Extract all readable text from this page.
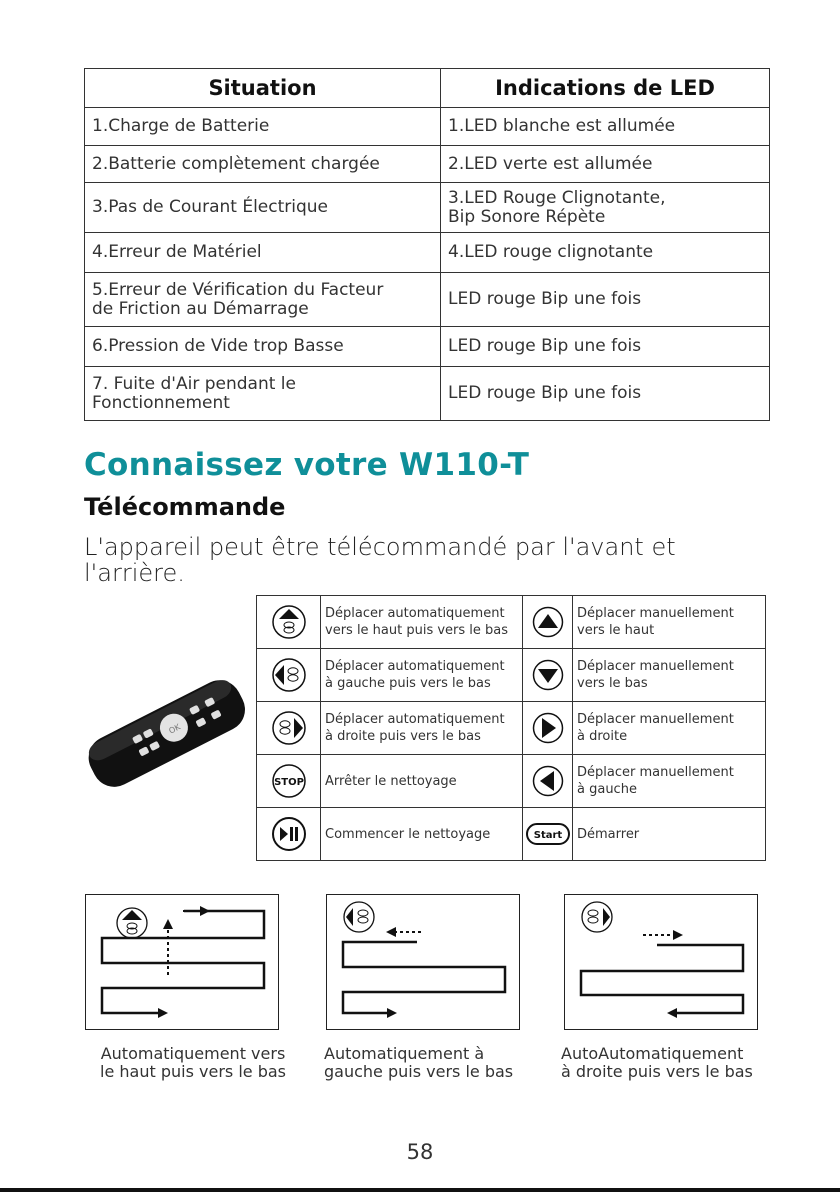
Situation	Indications de LED
1.Charge de Batterie	1.LED blanche est allumée
2.Batterie complètement chargée	2.LED verte est allumée
3.Pas de Courant Électrique	3.LED Rouge Clignotante,
Bip Sonore Répète
4.Erreur de Matériel	4.LED rouge clignotante
5.Erreur de Vérification du Facteur
de Friction au Démarrage	LED rouge Bip une fois
6.Pression de Vide trop Basse	LED rouge Bip une fois
7. Fuite d'Air pendant le
Fonctionnement	LED rouge Bip une fois
Connaissez votre W110-T
Télécommande
L'appareil peut être télécommandé par l'avant et l'arrière.
OK
	Déplacer automatiquement
vers le haut puis vers le bas		Déplacer manuellement
vers le haut

	Déplacer automatiquement
à gauche puis vers le bas		Déplacer manuellement
vers le bas

	Déplacer automatiquement
à droite puis vers le bas		Déplacer manuellement
à droite

STOP	Arrêter le nettoyage		Déplacer manuellement
à gauche

	Commencer le nettoyage	Start	Démarrer
Automatiquement vers
le haut puis vers le bas
Automatiquement à
gauche puis vers le bas
AutoAutomatiquement
à droite puis vers le bas
58
